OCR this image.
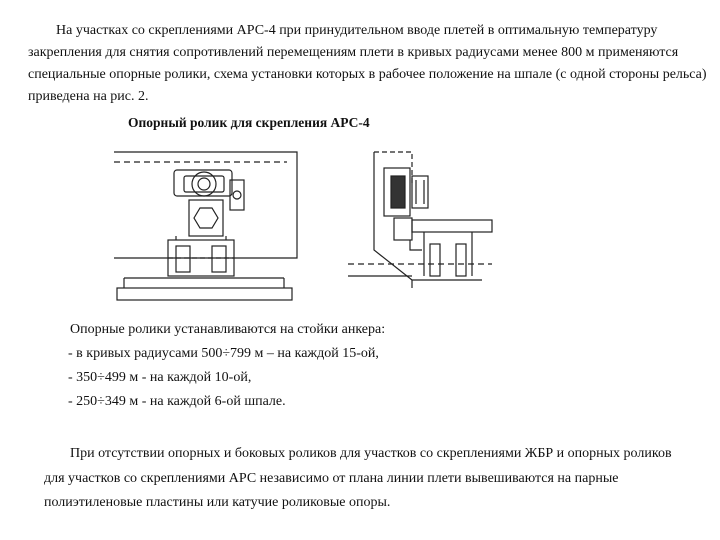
На участках со скреплениями АРС-4 при принудительном вводе плетей в оптимальную температуру закрепления для снятия сопротивлений перемещениям плети в кривых радиусами менее 800 м применяются специальные опорные ролики, схема установки которых в рабочее положение на шпале (с одной стороны рельса) приведена на рис. 2.

Опорный ролик для скрепления АРС-4

Опорные ролики устанавливаются на стойки анкера:
- в кривых радиусами 500÷799 м – на каждой 15-ой,
- 350÷499 м - на каждой 10-ой,
- 250÷349 м - на каждой 6-ой шпале.

При отсутствии опорных и боковых роликов для участков со скреплениями ЖБР и опорных роликов для участков со скреплениями АРС независимо от плана линии плети вывешиваются на парные полиэтиленовые пластины или катучие роликовые опоры.
